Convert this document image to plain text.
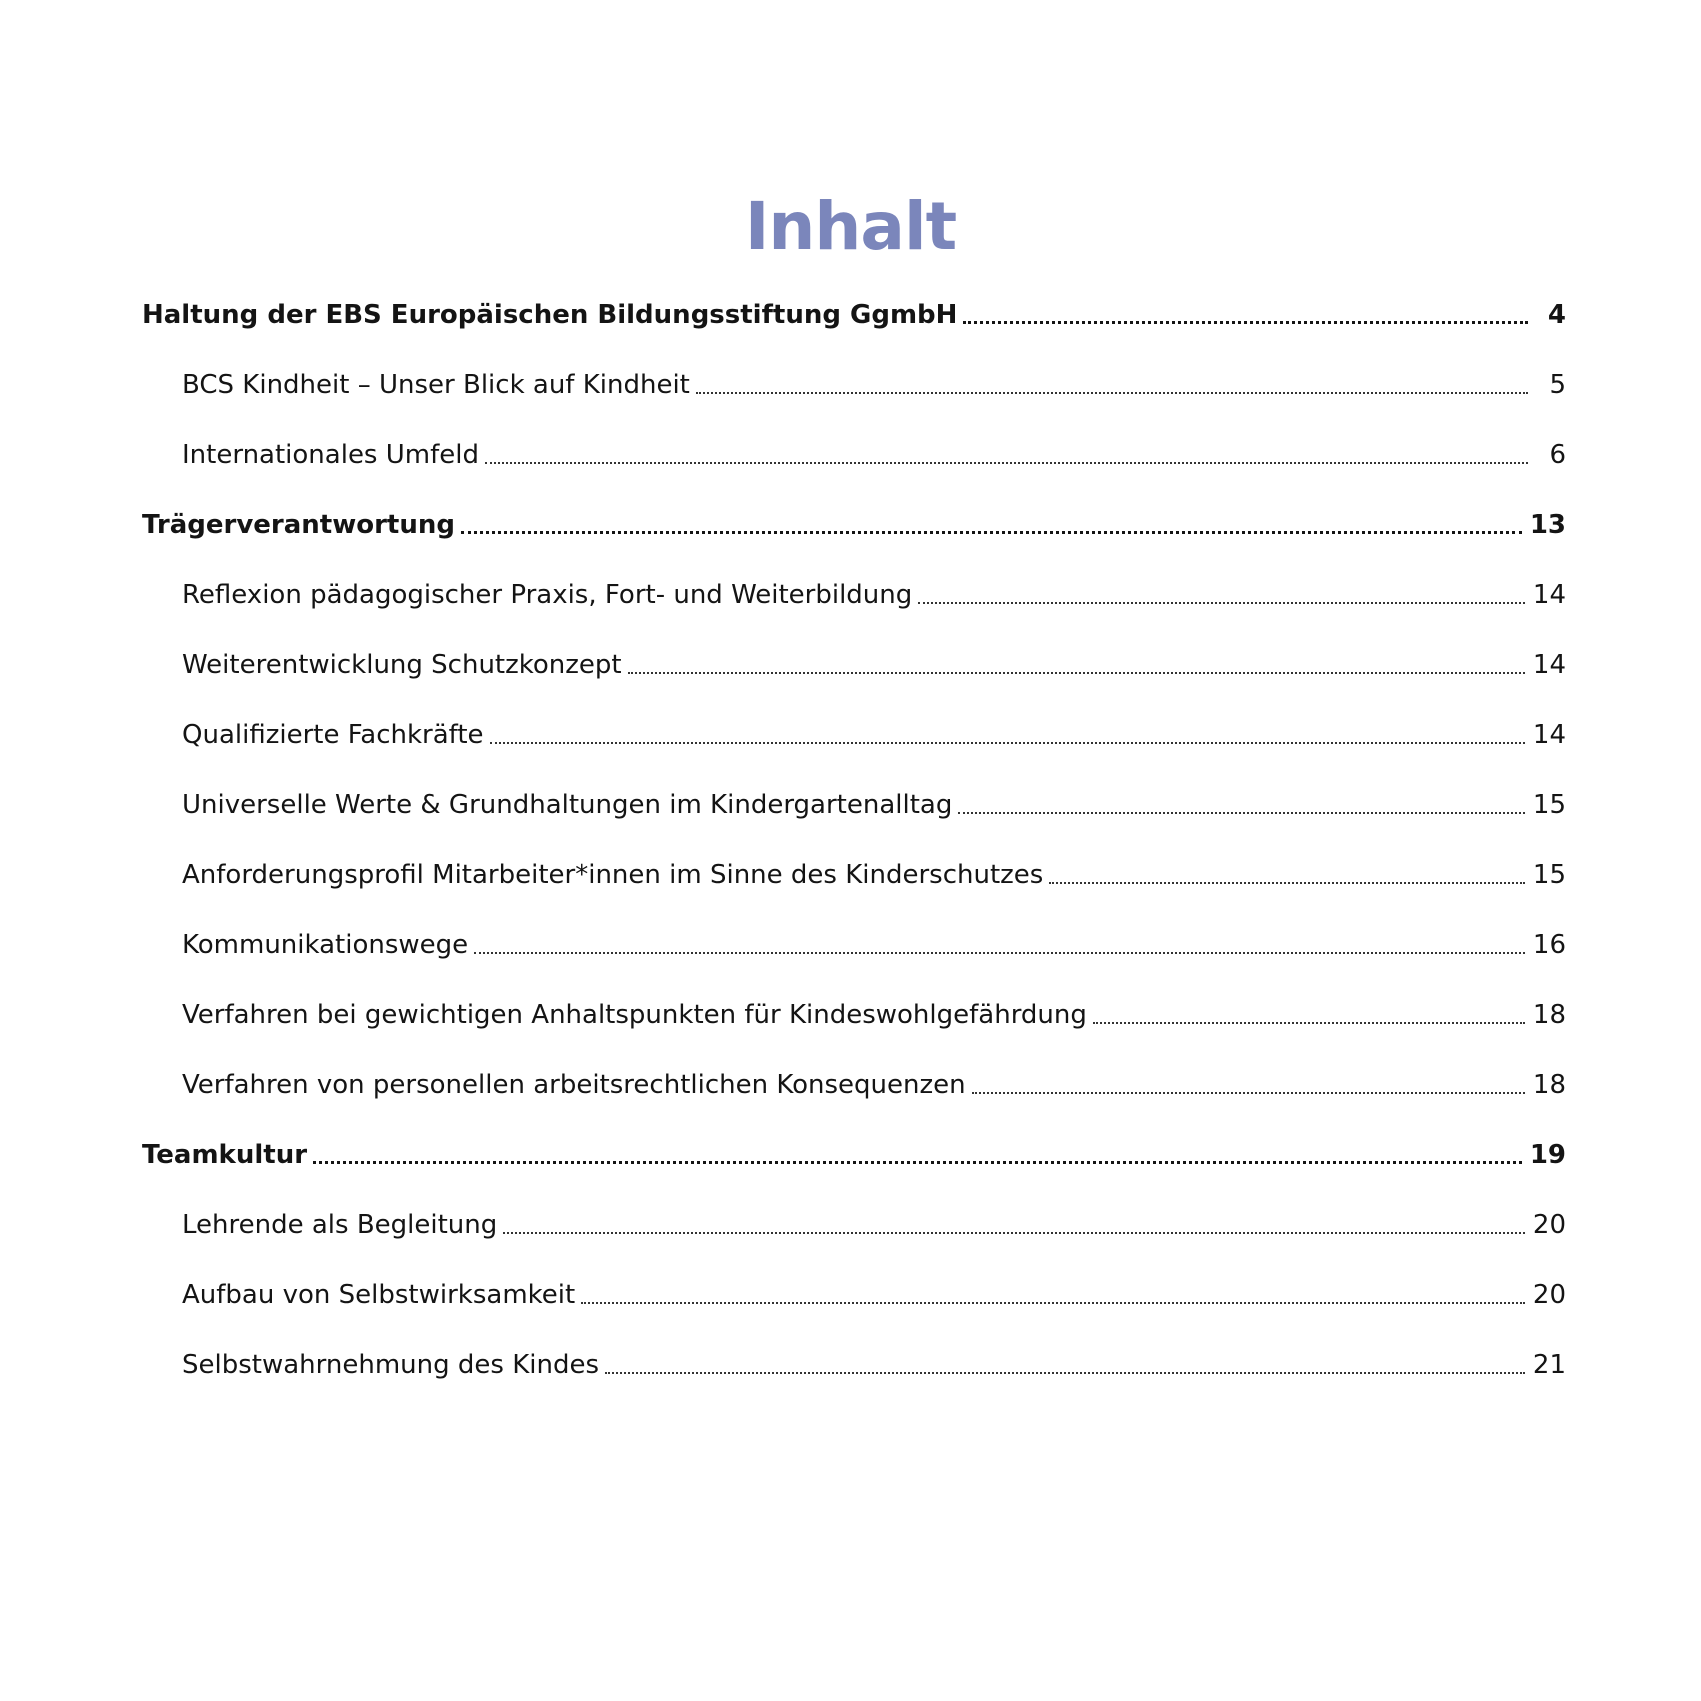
Inhalt
Haltung der EBS Europäischen Bildungsstiftung GgmbH	4
BCS Kindheit – Unser Blick auf Kindheit	5
Internationales Umfeld	6
Trägerverantwortung	13
Reflexion pädagogischer Praxis, Fort- und Weiterbildung	14
Weiterentwicklung Schutzkonzept	14
Qualifizierte Fachkräfte	14
Universelle Werte & Grundhaltungen im Kindergartenalltag	15
Anforderungsprofil Mitarbeiter*innen im Sinne des Kinderschutzes	15
Kommunikationswege	16
Verfahren bei gewichtigen Anhaltspunkten für Kindeswohlgefährdung	18
Verfahren von personellen arbeitsrechtlichen Konsequenzen	18
Teamkultur	19
Lehrende als Begleitung	20
Aufbau von Selbstwirksamkeit	20
Selbstwahrnehmung des Kindes	21
